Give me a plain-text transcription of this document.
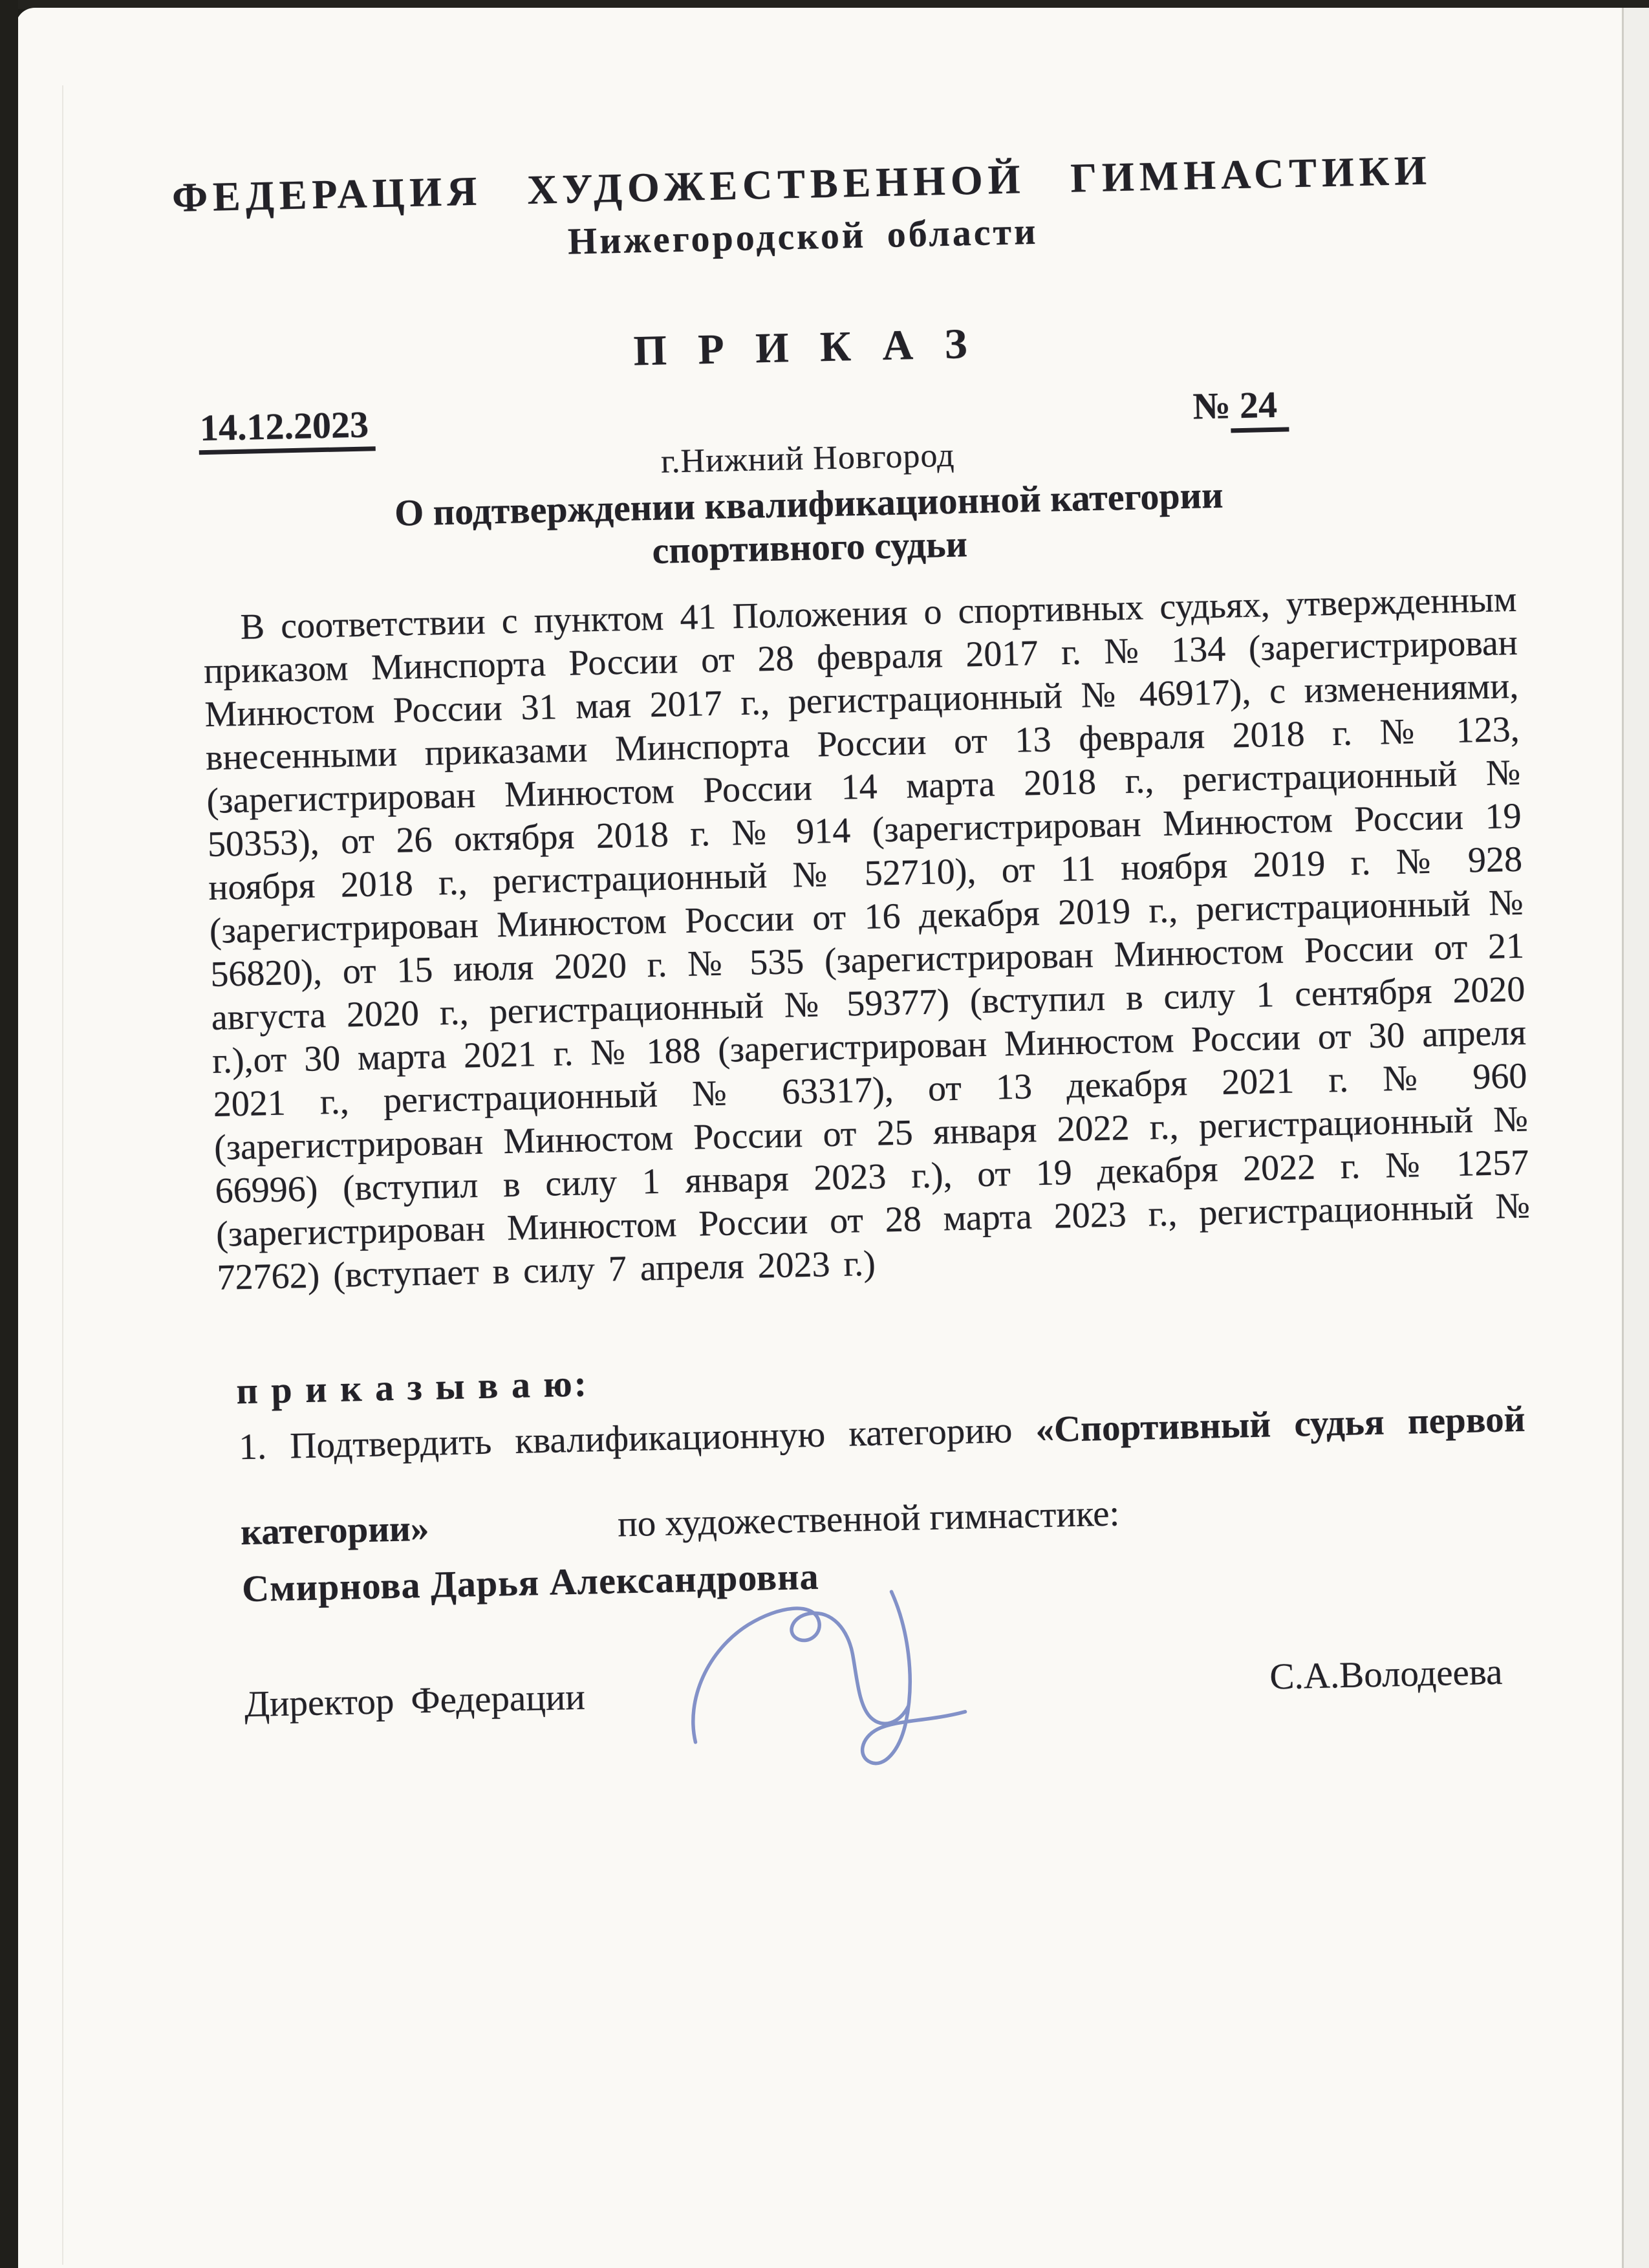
ФЕДЕРАЦИЯ ХУДОЖЕСТВЕННОЙ ГИМНАСТИКИ
Нижегородской области
П Р И К А З
14.12.2023	№ 24
г.Нижний Новгород
О подтверждении квалификационной категории
спортивного судьи
В соответствии с пунктом 41 Положения о спортивных судьях, утвержденным приказом Минспорта России от 28 февраля 2017 г. № 134 (зарегистрирован Минюстом России 31 мая 2017 г., регистрационный № 46917), с изменениями, внесенными приказами Минспорта России от 13 февраля 2018 г. № 123, (зарегистрирован Минюстом России 14 марта 2018 г., регистрационный № 50353), от 26 октября 2018 г. № 914 (зарегистрирован Минюстом России 19 ноября 2018 г., регистрационный № 52710), от 11 ноября 2019 г. № 928 (зарегистрирован Минюстом России от 16 декабря 2019 г., регистрационный № 56820), от 15 июля 2020 г. № 535 (зарегистрирован Минюстом России от 21 августа 2020 г., регистрационный № 59377) (вступил в силу 1 сентября 2020 г.),от 30 марта 2021 г. № 188 (зарегистрирован Минюстом России от 30 апреля 2021 г., регистрационный № 63317), от 13 декабря 2021 г. № 960 (зарегистрирован Минюстом России от 25 января 2022 г., регистрационный № 66996) (вступил в силу 1 января 2023 г.), от 19 декабря 2022 г. № 1257 (зарегистрирован Минюстом России от 28 марта 2023 г., регистрационный № 72762) (вступает в силу 7 апреля 2023 г.)
п р и к а з ы в а ю:
1. Подтвердить квалификационную категорию «Спортивный судья первой
категории»	по художественной гимнастике:
Смирнова Дарья Александровна
Директор Федерации
С.А.Володеева
